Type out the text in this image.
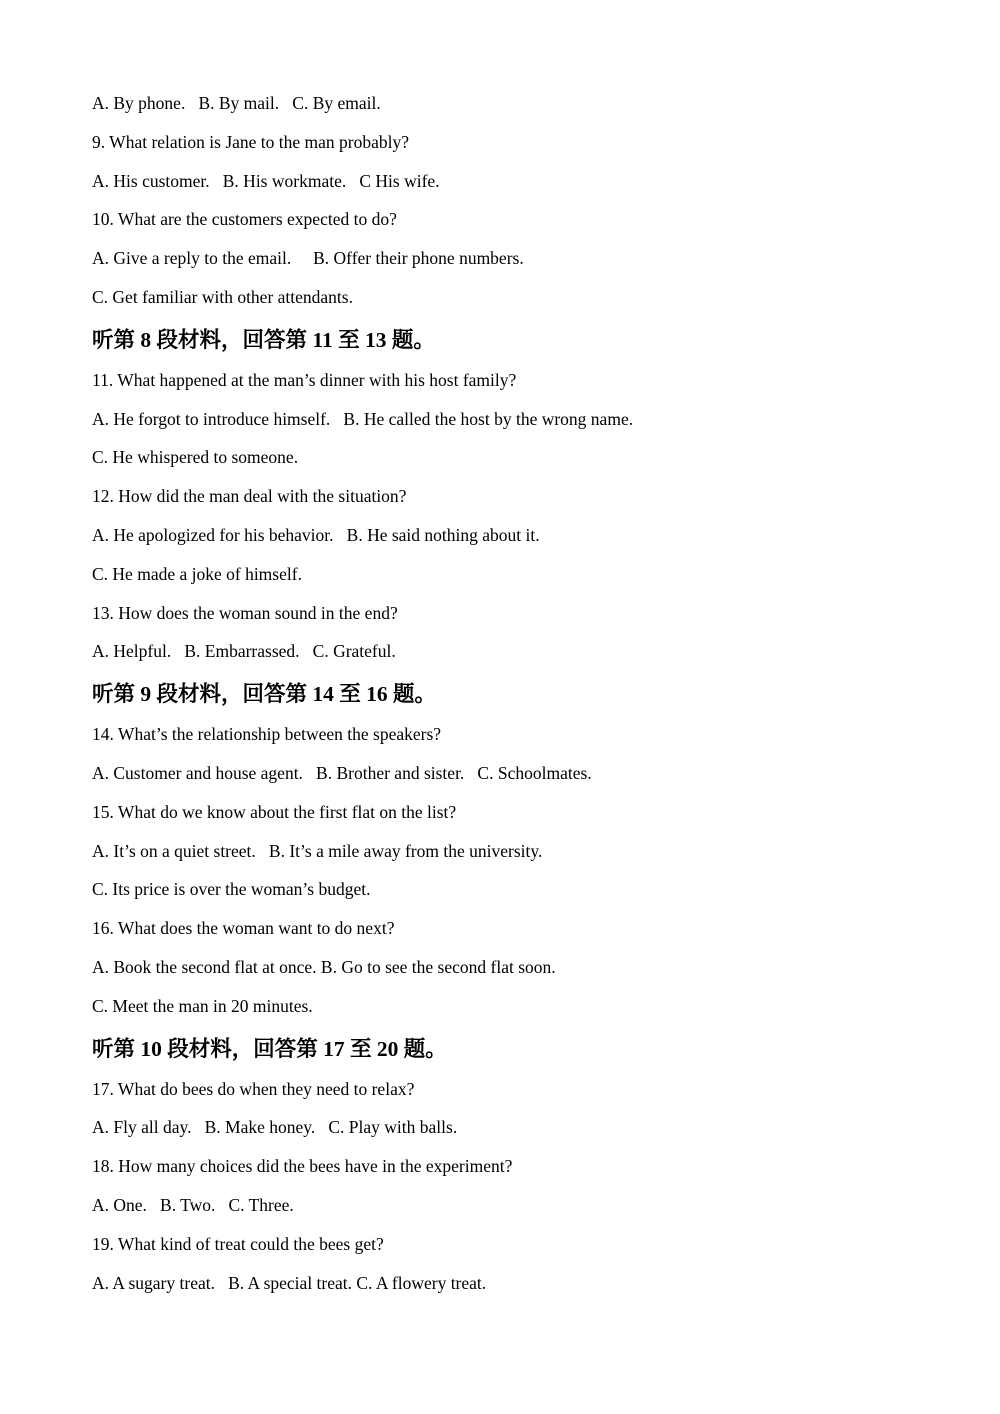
A. By phone.   B. By mail.   C. By email.
9. What relation is Jane to the man probably?
A. His customer.   B. His workmate.   C His wife.
10. What are the customers expected to do?
A. Give a reply to the email.     B. Offer their phone numbers.
C. Get familiar with other attendants.
听第 8 段材料，回答第 11 至 13 题。
11. What happened at the man’s dinner with his host family?
A. He forgot to introduce himself.   B. He called the host by the wrong name.
C. He whispered to someone.
12. How did the man deal with the situation?
A. He apologized for his behavior.   B. He said nothing about it.
C. He made a joke of himself.
13. How does the woman sound in the end?
A. Helpful.   B. Embarrassed.   C. Grateful.
听第 9 段材料，回答第 14 至 16 题。
14. What’s the relationship between the speakers?
A. Customer and house agent.   B. Brother and sister.   C. Schoolmates.
15. What do we know about the first flat on the list?
A. It’s on a quiet street.   B. It’s a mile away from the university.
C. Its price is over the woman’s budget.
16. What does the woman want to do next?
A. Book the second flat at once. B. Go to see the second flat soon.
C. Meet the man in 20 minutes.
听第 10 段材料，回答第 17 至 20 题。
17. What do bees do when they need to relax?
A. Fly all day.   B. Make honey.   C. Play with balls.
18. How many choices did the bees have in the experiment?
A. One.   B. Two.   C. Three.
19. What kind of treat could the bees get?
A. A sugary treat.   B. A special treat. C. A flowery treat.
